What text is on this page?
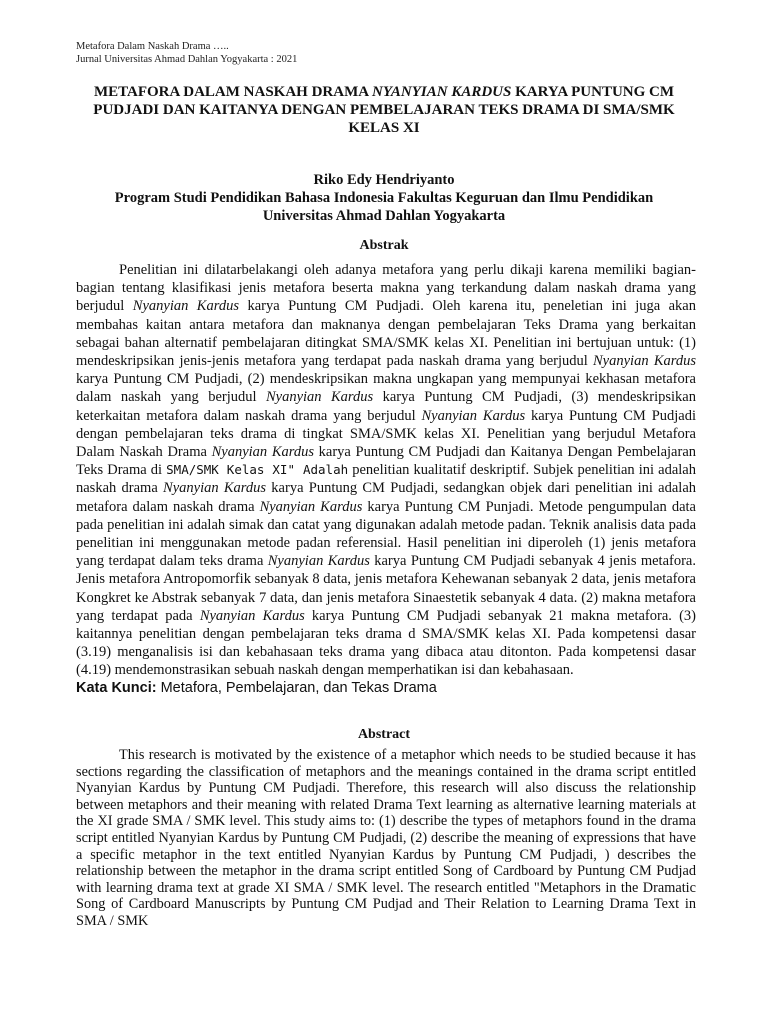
Metafora Dalam Naskah Drama …..
Jurnal Universitas Ahmad Dahlan Yogyakarta : 2021
METAFORA DALAM NASKAH DRAMA NYANYIAN KARDUS KARYA PUNTUNG CM PUDJADI DAN KAITANYA DENGAN PEMBELAJARAN TEKS DRAMA DI SMA/SMK KELAS XI
Riko Edy Hendriyanto
Program Studi Pendidikan Bahasa Indonesia Fakultas Keguruan dan Ilmu Pendidikan
Universitas Ahmad Dahlan Yogyakarta
Abstrak

Penelitian ini dilatarbelakangi oleh adanya metafora yang perlu dikaji karena memiliki bagian-bagian tentang klasifikasi jenis metafora beserta makna yang terkandung dalam naskah drama yang berjudul Nyanyian Kardus karya Puntung CM Pudjadi. Oleh karena itu, peneletian ini juga akan membahas kaitan antara metafora dan maknanya dengan pembelajaran Teks Drama yang berkaitan sebagai bahan alternatif pembelajaran ditingkat SMA/SMK kelas XI. Penelitian ini bertujuan untuk: (1) mendeskripsikan jenis-jenis metafora yang terdapat pada naskah drama yang berjudul Nyanyian Kardus karya Puntung CM Pudjadi, (2) mendeskripsikan makna ungkapan yang mempunyai kekhasan metafora dalam naskah yang berjudul Nyanyian Kardus karya Puntung CM Pudjadi, (3) mendeskripsikan keterkaitan metafora dalam naskah drama yang berjudul Nyanyian Kardus karya Puntung CM Pudjadi dengan pembelajaran teks drama di tingkat SMA/SMK kelas XI. Penelitian yang berjudul Metafora Dalam Naskah Drama Nyanyian Kardus karya Puntung CM Pudjadi dan Kaitanya Dengan Pembelajaran Teks Drama di SMA/SMK Kelas XI" Adalah penelitian kualitatif deskriptif. Subjek penelitian ini adalah naskah drama Nyanyian Kardus karya Puntung CM Pudjadi, sedangkan objek dari penelitian ini adalah metafora dalam naskah drama Nyanyian Kardus karya Puntung CM Punjadi. Metode pengumpulan data pada penelitian ini adalah simak dan catat yang digunakan adalah metode padan. Teknik analisis data pada penelitian ini menggunakan metode padan referensial. Hasil penelitian ini diperoleh (1) jenis metafora yang terdapat dalam teks drama Nyanyian Kardus karya Puntung CM Pudjadi sebanyak 4 jenis metafora. Jenis metafora Antropomorfik sebanyak 8 data, jenis metafora Kehewanan sebanyak 2 data, jenis metafora Kongkret ke Abstrak sebanyak 7 data, dan jenis metafora Sinaestetik sebanyak 4 data. (2) makna metafora yang terdapat pada Nyanyian Kardus karya Puntung CM Pudjadi sebanyak 21 makna metafora. (3) kaitannya penelitian dengan pembelajaran teks drama d SMA/SMK kelas XI. Pada kompetensi dasar (3.19) menganalisis isi dan kebahasaan teks drama yang dibaca atau ditonton. Pada kompetensi dasar (4.19) mendemonstrasikan sebuah naskah dengan memperhatikan isi dan kebahasaan.

Kata Kunci: Metafora, Pembelajaran, dan Tekas Drama
Abstract

This research is motivated by the existence of a metaphor which needs to be studied because it has sections regarding the classification of metaphors and the meanings contained in the drama script entitled Nyanyian Kardus by Puntung CM Pudjadi. Therefore, this research will also discuss the relationship between metaphors and their meaning with related Drama Text learning as alternative learning materials at the XI grade SMA / SMK level. This study aims to: (1) describe the types of metaphors found in the drama script entitled Nyanyian Kardus by Puntung CM Pudjadi, (2) describe the meaning of expressions that have a specific metaphor in the text entitled Nyanyian Kardus by Puntung CM Pudjadi, ) describes the relationship between the metaphor in the drama script entitled Song of Cardboard by Puntung CM Pudjad with learning drama text at grade XI SMA / SMK level. The research entitled "Metaphors in the Dramatic Song of Cardboard Manuscripts by Puntung CM Pudjad and Their Relation to Learning Drama Text in SMA / SMK
